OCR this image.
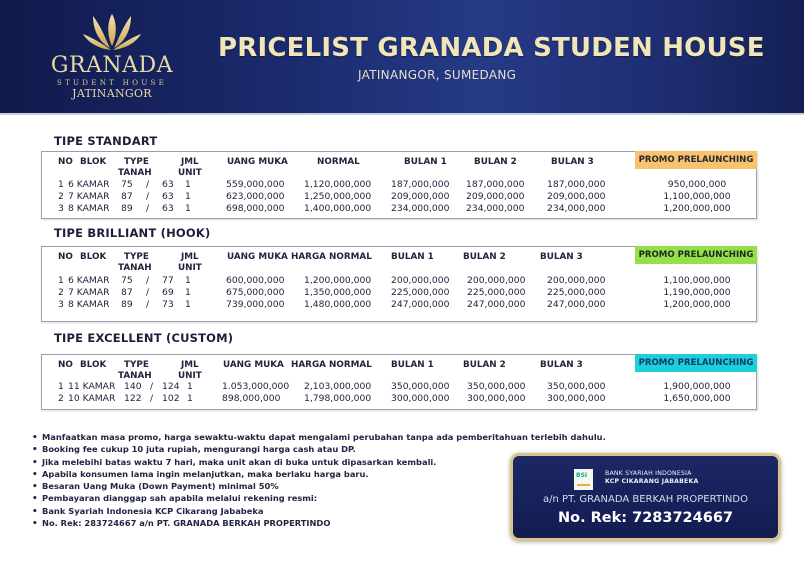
GRANADA
STUDENT HOUSE
JATINANGOR
PRICELIST GRANADA STUDEN HOUSE
JATINANGOR, SUMEDANG
TIPE STANDART
NO BLOK TYPE
TANAH
JML
UNIT
UANG MUKA	NORMAL	BULAN 1	BULAN 2	BULAN 3	PROMO PRELAUNCHING
1 6 KAMAR 75 / 63 1	559,000,000 1,120,000,000 187,000,000 187,000,000 187,000,000	950,000,000
2 7 KAMAR 87 / 63 1	623,000,000 1,250,000,000 209,000,000 209,000,000 209,000,000	1,100,000,000
3 8 KAMAR 89 / 63 1	698,000,000 1,400,000,000 234,000,000 234,000,000 234,000,000	1,200,000,000
TIPE BRILLIANT (HOOK)
NO BLOK TYPE
TANAH
JML
UNIT
UANG MUKA HARGA NORMAL BULAN 1	BULAN 2	BULAN 3	PROMO PRELAUNCHING
1 6 KAMAR 75 / 77 1	600,000,000 1,200,000,000 200,000,000 200,000,000 200,000,000	1,100,000,000
2 7 KAMAR 87 / 69 1	675,000,000 1,350,000,000 225,000,000 225,000,000 225,000,000	1,190,000,000
3 8 KAMAR 89 / 73 1	739,000,000 1,480,000,000 247,000,000 247,000,000 247,000,000	1,200,000,000
TIPE EXCELLENT (CUSTOM)
NO BLOK TYPE
TANAH
JML
UNIT
UANG MUKA HARGA NORMAL BULAN 1	BULAN 2	BULAN 3	PROMO PRELAUNCHING
1 11 KAMAR 140 / 124 1	1.053,000,000 2,103,000,000 350,000,000 350,000,000 350,000,000	1,900,000,000
2 10 KAMAR 122 / 102 1	898,000,000	1,798,000,000 300,000,000 300,000,000 300,000,000	1,650,000,000
• Manfaatkan masa promo, harga sewaktu-waktu dapat mengalami perubahan tanpa ada pemberitahuan terlebih dahulu.
• Booking fee cukup 10 juta rupiah, mengurangi harga cash atau DP.
• Jika melebihi batas waktu 7 hari, maka unit akan di buka untuk dipasarkan kembali.
• Apabila konsumen lama ingin melanjutkan, maka berlaku harga baru.
• Besaran Uang Muka (Down Payment) minimal 50%
• Pembayaran dianggap sah apabila melalui rekening resmi:
• Bank Syariah Indonesia KCP Cikarang Jababeka
• No. Rek: 283724667 a/n PT. GRANADA BERKAH PROPERTINDO
BSI	BANK SYARIAH INDONESIA
KCP CIKARANG JABABEKA
a/n PT. GRANADA BERKAH PROPERTINDO
No. Rek: 7283724667
